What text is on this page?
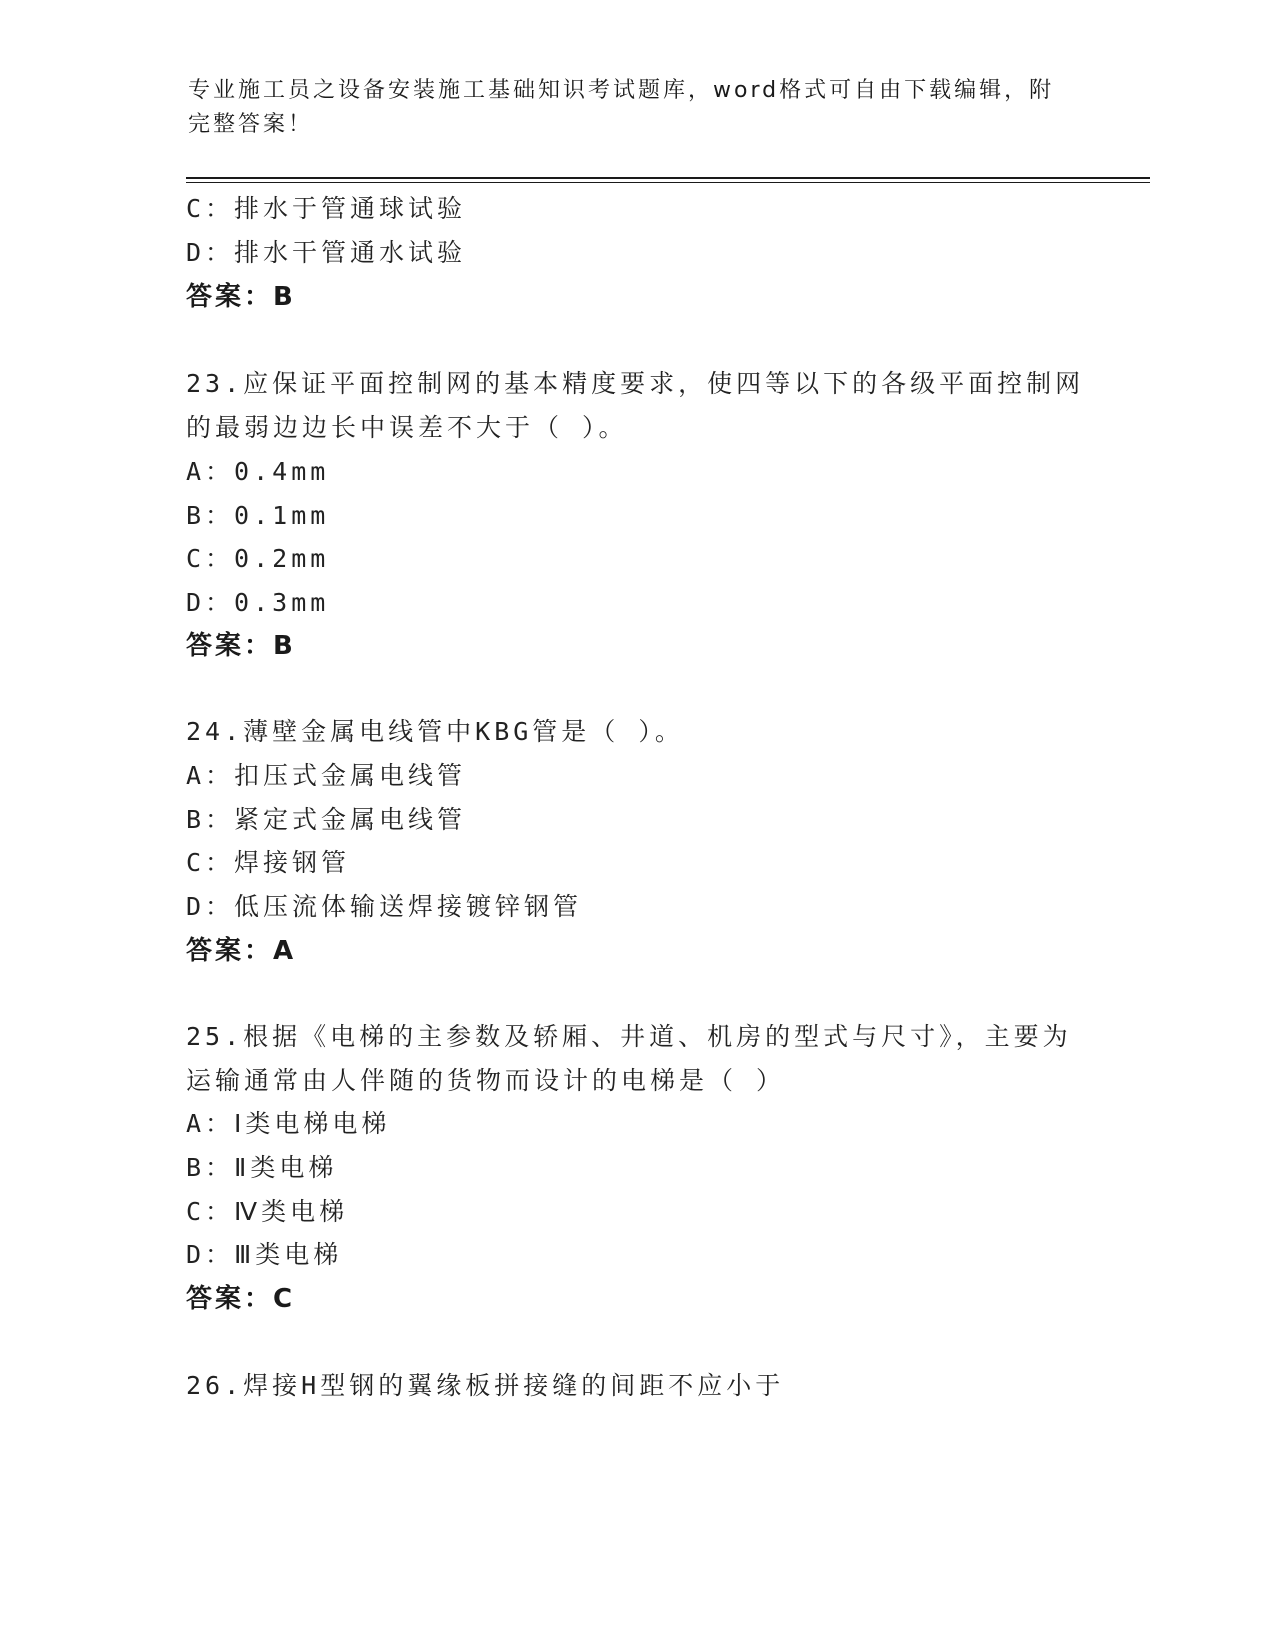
专业施工员之设备安装施工基础知识考试题库，word格式可自由下载编辑，附完整答案！
C：排水于管通球试验
D：排水干管通水试验
答案：B
23.应保证平面控制网的基本精度要求，使四等以下的各级平面控制网
的最弱边边长中误差不大于（ ）。
A：0.4mm
B：0.1mm
C：0.2mm
D：0.3mm
答案：B
24.薄壁金属电线管中KBG管是（ ）。
A：扣压式金属电线管
B：紧定式金属电线管
C：焊接钢管
D：低压流体输送焊接镀锌钢管
答案：A
25.根据《电梯的主参数及轿厢、井道、机房的型式与尺寸》，主要为
运输通常由人伴随的货物而设计的电梯是（ ）
A：Ⅰ类电梯电梯
B：Ⅱ类电梯
C：Ⅳ类电梯
D：Ⅲ类电梯
答案：C
26.焊接H型钢的翼缘板拼接缝的间距不应小于
